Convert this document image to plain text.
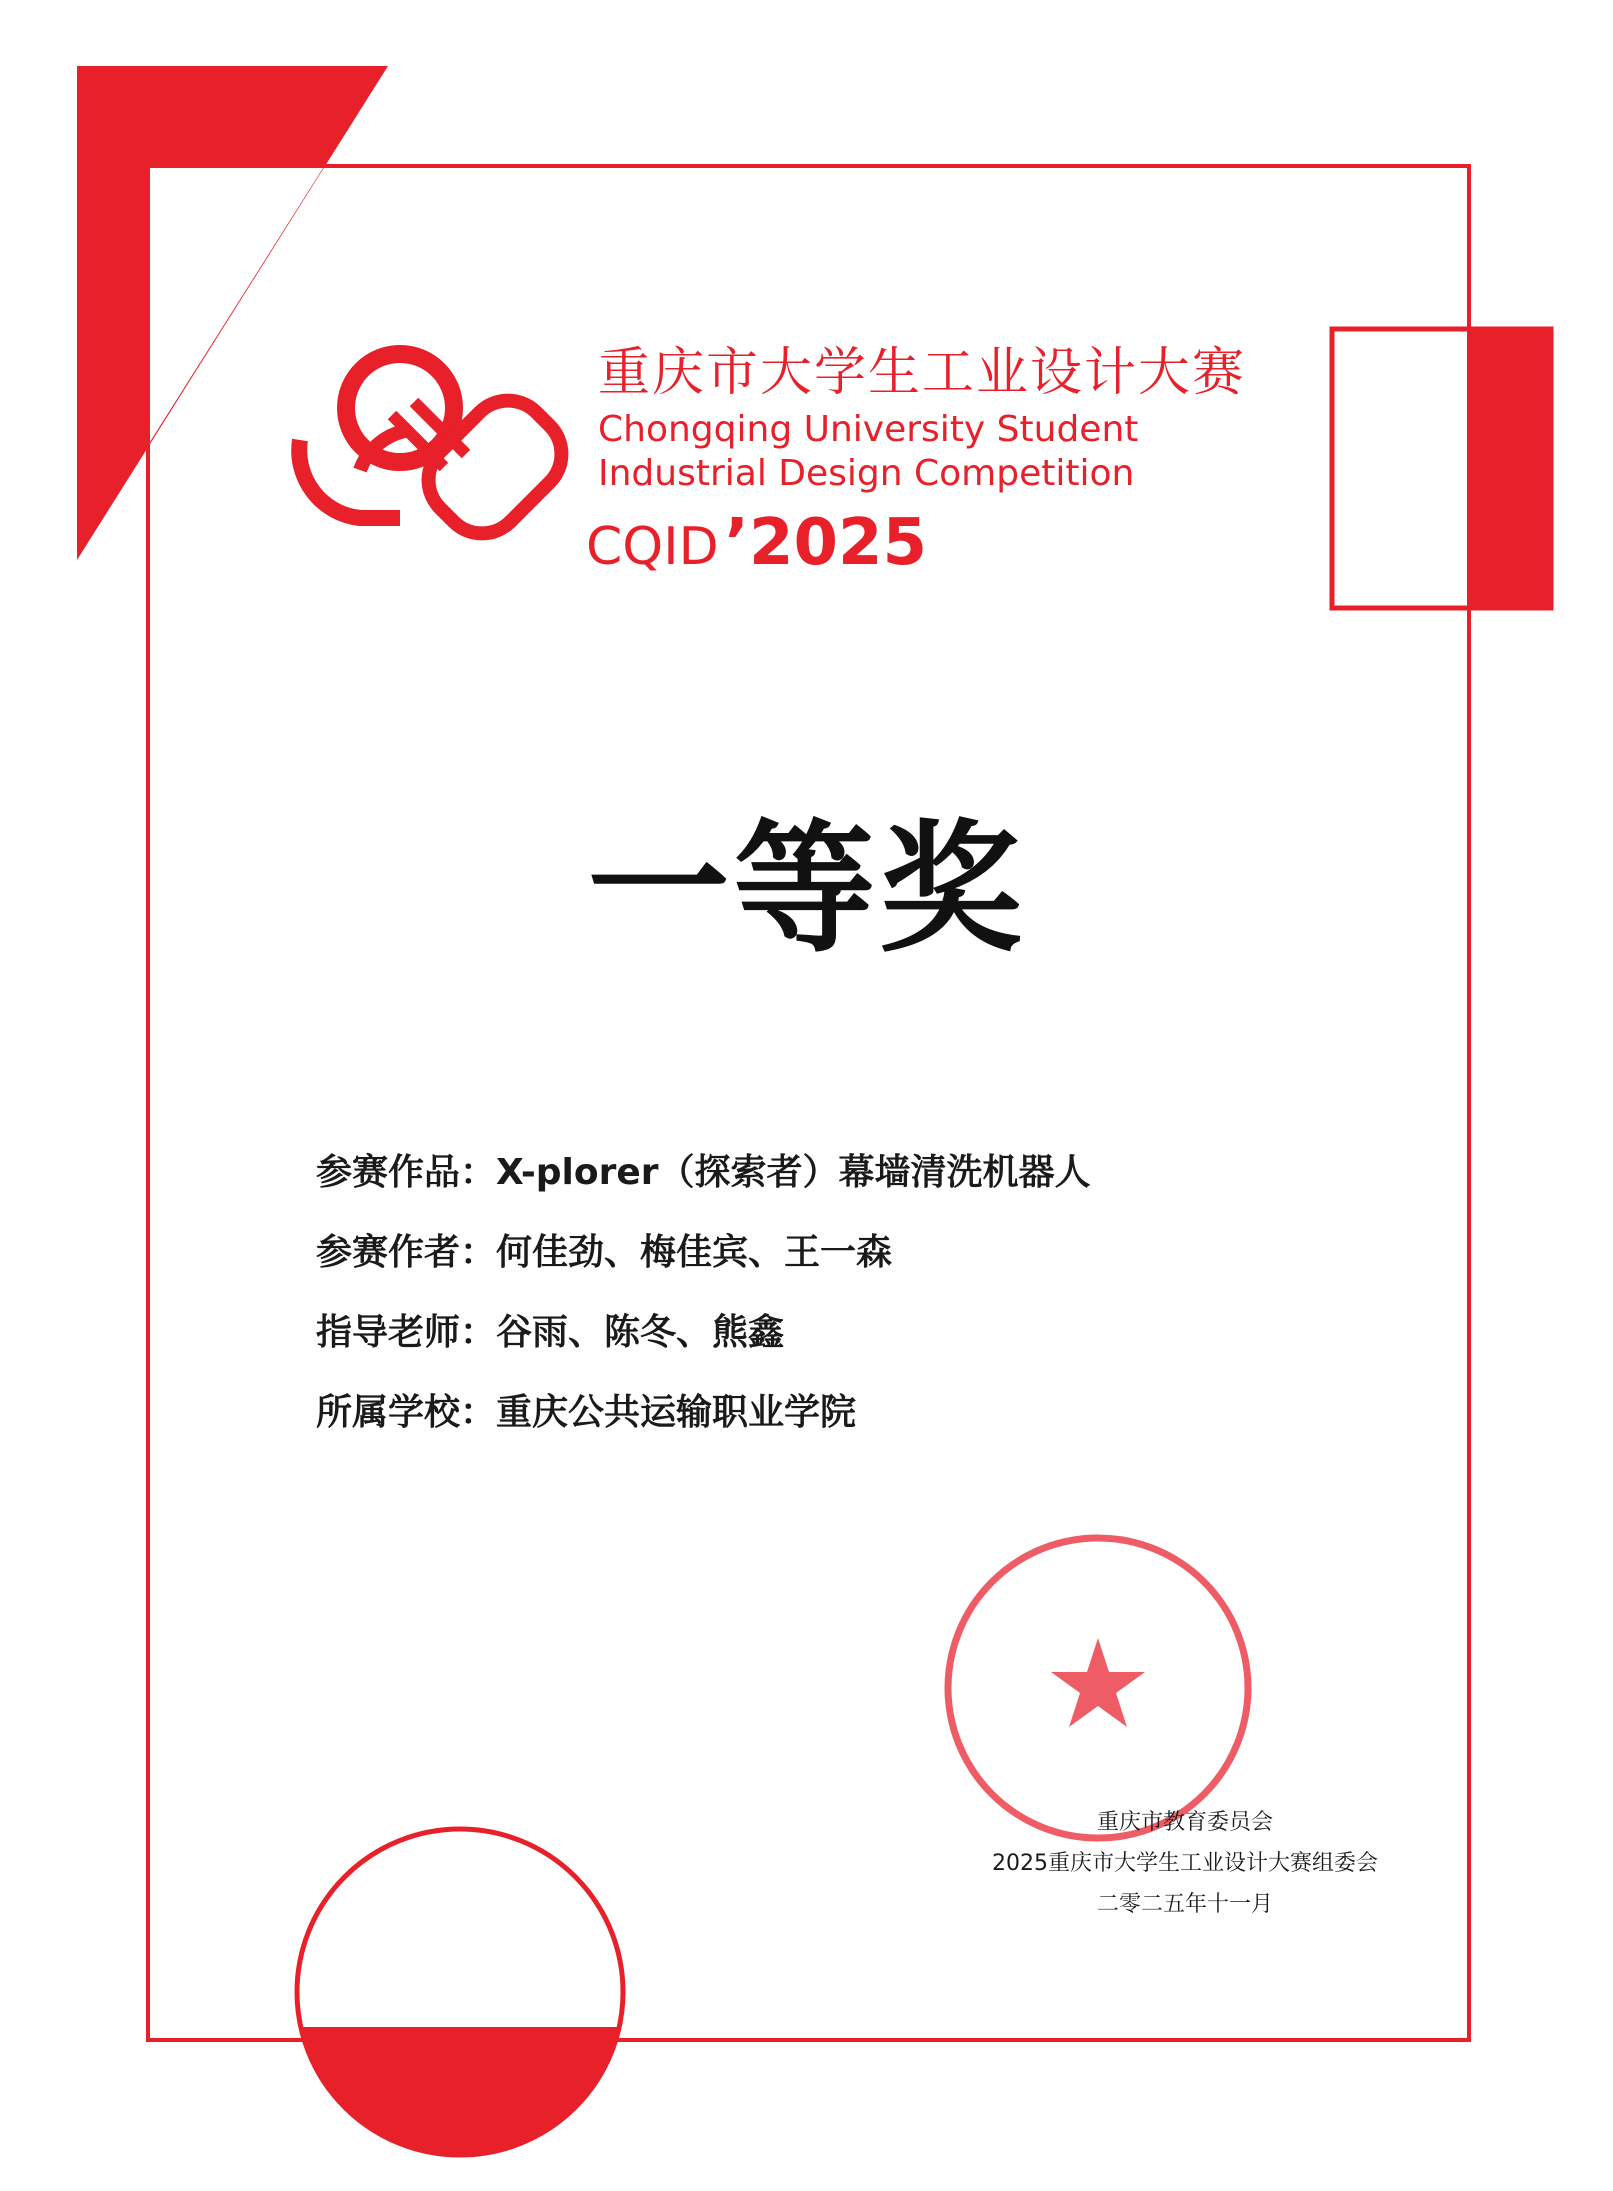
重庆市大学生工业设计大赛
Chongqing University Student
Industrial Design Competition
CQID’2025
一等奖
参赛作品：X-plorer（探索者）幕墙清洗机器人
参赛作者：何佳劲、梅佳宾、王一森
指导老师：谷雨、陈冬、熊鑫
所属学校：重庆公共运输职业学院
重庆市教育委员会
2025重庆市大学生工业设计大赛组委会
二零二五年十一月
